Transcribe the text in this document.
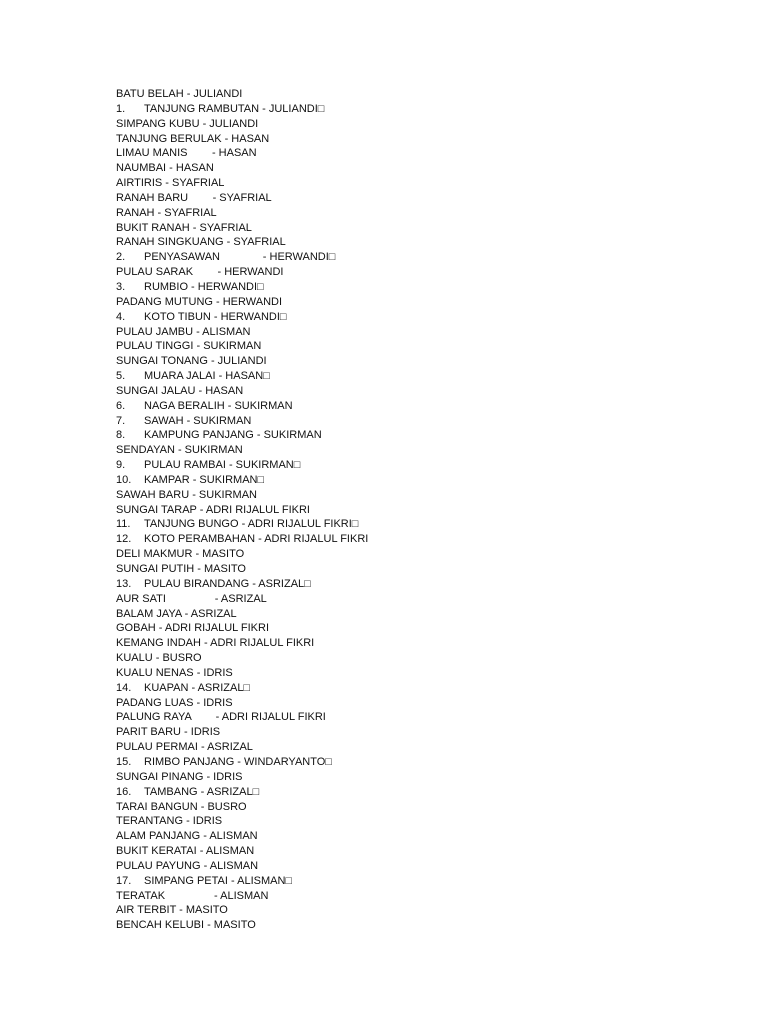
BATU BELAH - JULIANDI
1. TANJUNG RAMBUTAN - JULIANDI□
SIMPANG KUBU - JULIANDI
TANJUNG BERULAK - HASAN
LIMAU MANIS        - HASAN
NAUMBAI - HASAN
AIRTIRIS - SYAFRIAL
RANAH BARU        - SYAFRIAL
RANAH - SYAFRIAL
BUKIT RANAH - SYAFRIAL
RANAH SINGKUANG - SYAFRIAL
2. PENYASAWAN              - HERWANDI□
PULAU SARAK        - HERWANDI
3. RUMBIO - HERWANDI□
PADANG MUTUNG - HERWANDI
4. KOTO TIBUN - HERWANDI□
PULAU JAMBU - ALISMAN
PULAU TINGGI - SUKIRMAN
SUNGAI TONANG - JULIANDI
5. MUARA JALAI - HASAN□
SUNGAI JALAU - HASAN
6. NAGA BERALIH - SUKIRMAN
7. SAWAH - SUKIRMAN
8. KAMPUNG PANJANG - SUKIRMAN
SENDAYAN - SUKIRMAN
9. PULAU RAMBAI - SUKIRMAN□
10. KAMPAR - SUKIRMAN□
SAWAH BARU - SUKIRMAN
SUNGAI TARAP - ADRI RIJALUL FIKRI
11. TANJUNG BUNGO - ADRI RIJALUL FIKRI□
12. KOTO PERAMBAHAN - ADRI RIJALUL FIKRI
DELI MAKMUR - MASITO
SUNGAI PUTIH - MASITO
13. PULAU BIRANDANG - ASRIZAL□
AUR SATI                - ASRIZAL
BALAM JAYA - ASRIZAL
GOBAH - ADRI RIJALUL FIKRI
KEMANG INDAH - ADRI RIJALUL FIKRI
KUALU - BUSRO
KUALU NENAS - IDRIS
14. KUAPAN - ASRIZAL□
PADANG LUAS - IDRIS
PALUNG RAYA        - ADRI RIJALUL FIKRI
PARIT BARU - IDRIS
PULAU PERMAI - ASRIZAL
15. RIMBO PANJANG - WINDARYANTO□
SUNGAI PINANG - IDRIS
16. TAMBANG - ASRIZAL□
TARAI BANGUN - BUSRO
TERANTANG - IDRIS
ALAM PANJANG - ALISMAN
BUKIT KERATAI - ALISMAN
PULAU PAYUNG - ALISMAN
17. SIMPANG PETAI - ALISMAN□
TERATAK                - ALISMAN
AIR TERBIT - MASITO
BENCAH KELUBI - MASITO
